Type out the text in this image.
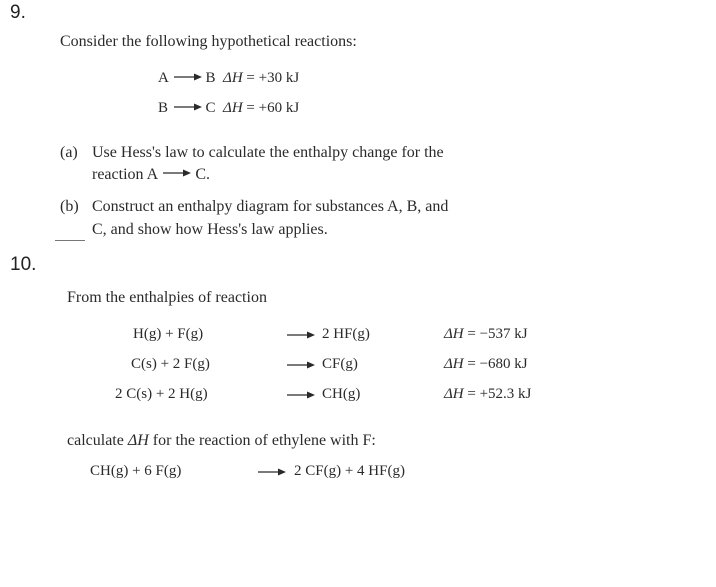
9.
Consider the following hypothetical reactions:
A → B ΔH = +30 kJ
B → C ΔH = +60 kJ
(a) Use Hess's law to calculate the enthalpy change for the
reaction A → C.
(b) Construct an enthalpy diagram for substances A, B, and
C, and show how Hess's law applies.
10.
From the enthalpies of reaction
H(g) + F(g)	→ 2 HF(g)	ΔH = −537 kJ
C(s) + 2 F(g)	→ CF(g)	ΔH = −680 kJ
2 C(s) + 2 H(g)	→ CH(g)	ΔH = +52.3 kJ
calculate ΔH for the reaction of ethylene with F:
CH(g) + 6 F(g)	→ 2 CF(g) + 4 HF(g)
